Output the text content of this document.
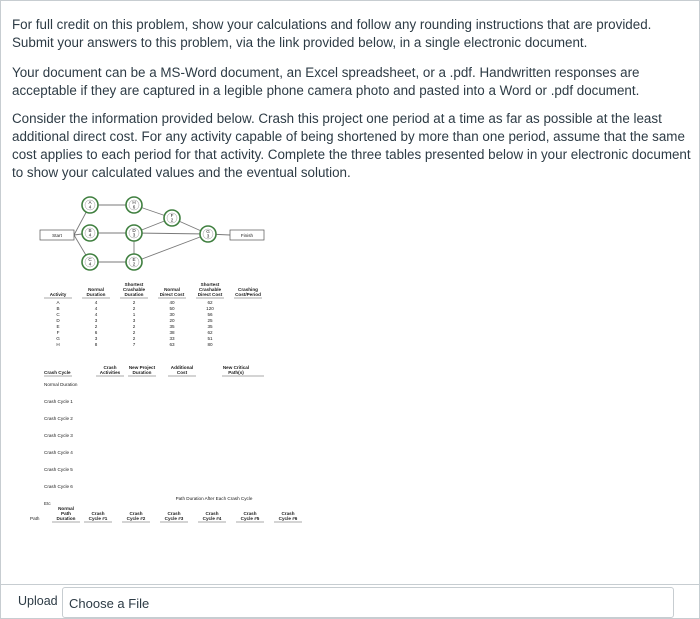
For full credit on this problem, show your calculations and follow any rounding instructions that are provided. Submit your answers to this problem, via the link provided below, in a single electronic document.
Your document can be a MS-Word document, an Excel spreadsheet, or a .pdf. Handwritten responses are acceptable if they are captured in a legible phone camera photo and pasted into a Word or .pdf document.
Consider the information provided below. Crash this project one period at a time as far as possible at the least additional direct cost. For any activity capable of being shortened by more than one period, assume that the same cost applies to each period for that activity. Complete the three tables presented below in your electronic document to show your calculated values and the eventual solution.
Start	Finish
A
4
B
4
C
4
D
3
E
2
F
2
G
3
H
6
Activity
Normal
Duration
Shortest
Crashable
Duration
Normal
Direct Cost
Shortest
Crashable
Direct Cost
Crashing
Cost/Period
A	4	2	40	62
B	4	2	50	120
C	4	1	30	56
D	3	3	20	25
E	2	2	35	35
F	6	2	38	62
G	3	2	33	51
H	8	7	63	80
Crash Cycle
Crash
Activities
New Project
Duration
Additional
Cost
New Critical
Path(s)
Normal Duration
Crash Cycle 1
Crash Cycle 2
Crash Cycle 3
Crash Cycle 4
Crash Cycle 5
Crash Cycle 6
Etc
Path Duration After Each Crash Cycle
Path
Normal
Path
Duration
Crash
Cycle #1
Crash
Cycle #2
Crash
Cycle #3
Crash
Cycle #4
Crash
Cycle #5
Crash
Cycle #6
Upload Choose a File
